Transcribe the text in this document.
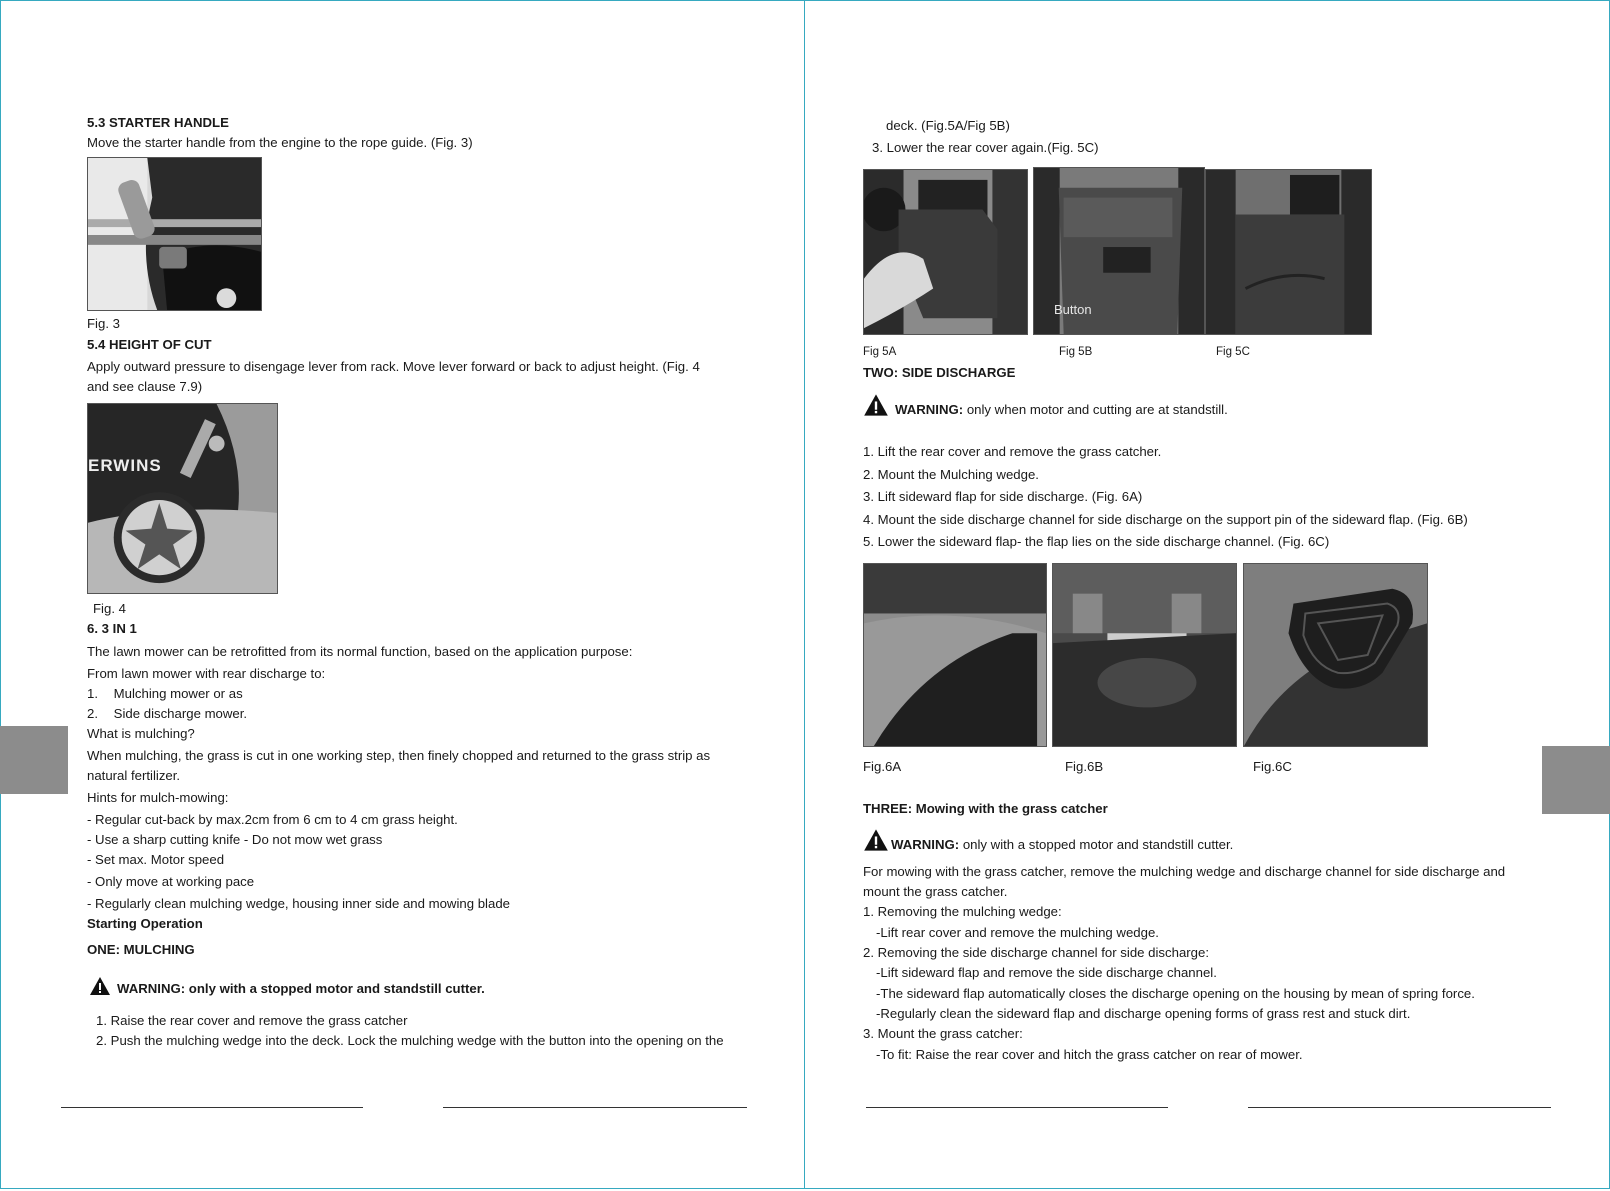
5.3 STARTER HANDLE
Move the starter handle from the engine to the rope guide. (Fig. 3)
Fig. 3
5.4 HEIGHT OF CUT
Apply outward pressure to disengage lever from rack. Move lever forward or back to adjust height. (Fig. 4
and see clause 7.9)
ERWINS
Fig. 4
6. 3 IN 1
The lawn mower can be retrofitted from its normal function, based on the application purpose:
From lawn mower with rear discharge to:
1. Mulching mower or as
2. Side discharge mower.
What is mulching?
When mulching, the grass is cut in one working step, then finely chopped and returned to the grass strip as
natural fertilizer.
Hints for mulch-mowing:
- Regular cut-back by max.2cm from 6 cm to 4 cm grass height.
- Use a sharp cutting knife - Do not mow wet grass
- Set max. Motor speed
- Only move at working pace
- Regularly clean mulching wedge, housing inner side and mowing blade
Starting Operation
ONE: MULCHING
WARNING: only with a stopped motor and standstill cutter.
1. Raise the rear cover and remove the grass catcher
2. Push the mulching wedge into the deck. Lock the mulching wedge with the button into the opening on the
deck. (Fig.5A/Fig 5B)
3. Lower the rear cover again.(Fig. 5C)
Button
Fig 5A	Fig 5B	Fig 5C
TWO: SIDE DISCHARGE
WARNING: only when motor and cutting are at standstill.
1. Lift the rear cover and remove the grass catcher.
2. Mount the Mulching wedge.
3. Lift sideward flap for side discharge. (Fig. 6A)
4. Mount the side discharge channel for side discharge on the support pin of the sideward flap. (Fig. 6B)
5. Lower the sideward flap- the flap lies on the side discharge channel. (Fig. 6C)
Fig.6A	Fig.6B	Fig.6C
THREE: Mowing with the grass catcher
WARNING: only with a stopped motor and standstill cutter.
For mowing with the grass catcher, remove the mulching wedge and discharge channel for side discharge and
mount the grass catcher.
1. Removing the mulching wedge:
-Lift rear cover and remove the mulching wedge.
2. Removing the side discharge channel for side discharge:
-Lift sideward flap and remove the side discharge channel.
-The sideward flap automatically closes the discharge opening on the housing by mean of spring force.
-Regularly clean the sideward flap and discharge opening forms of grass rest and stuck dirt.
3. Mount the grass catcher:
-To fit: Raise the rear cover and hitch the grass catcher on rear of mower.
